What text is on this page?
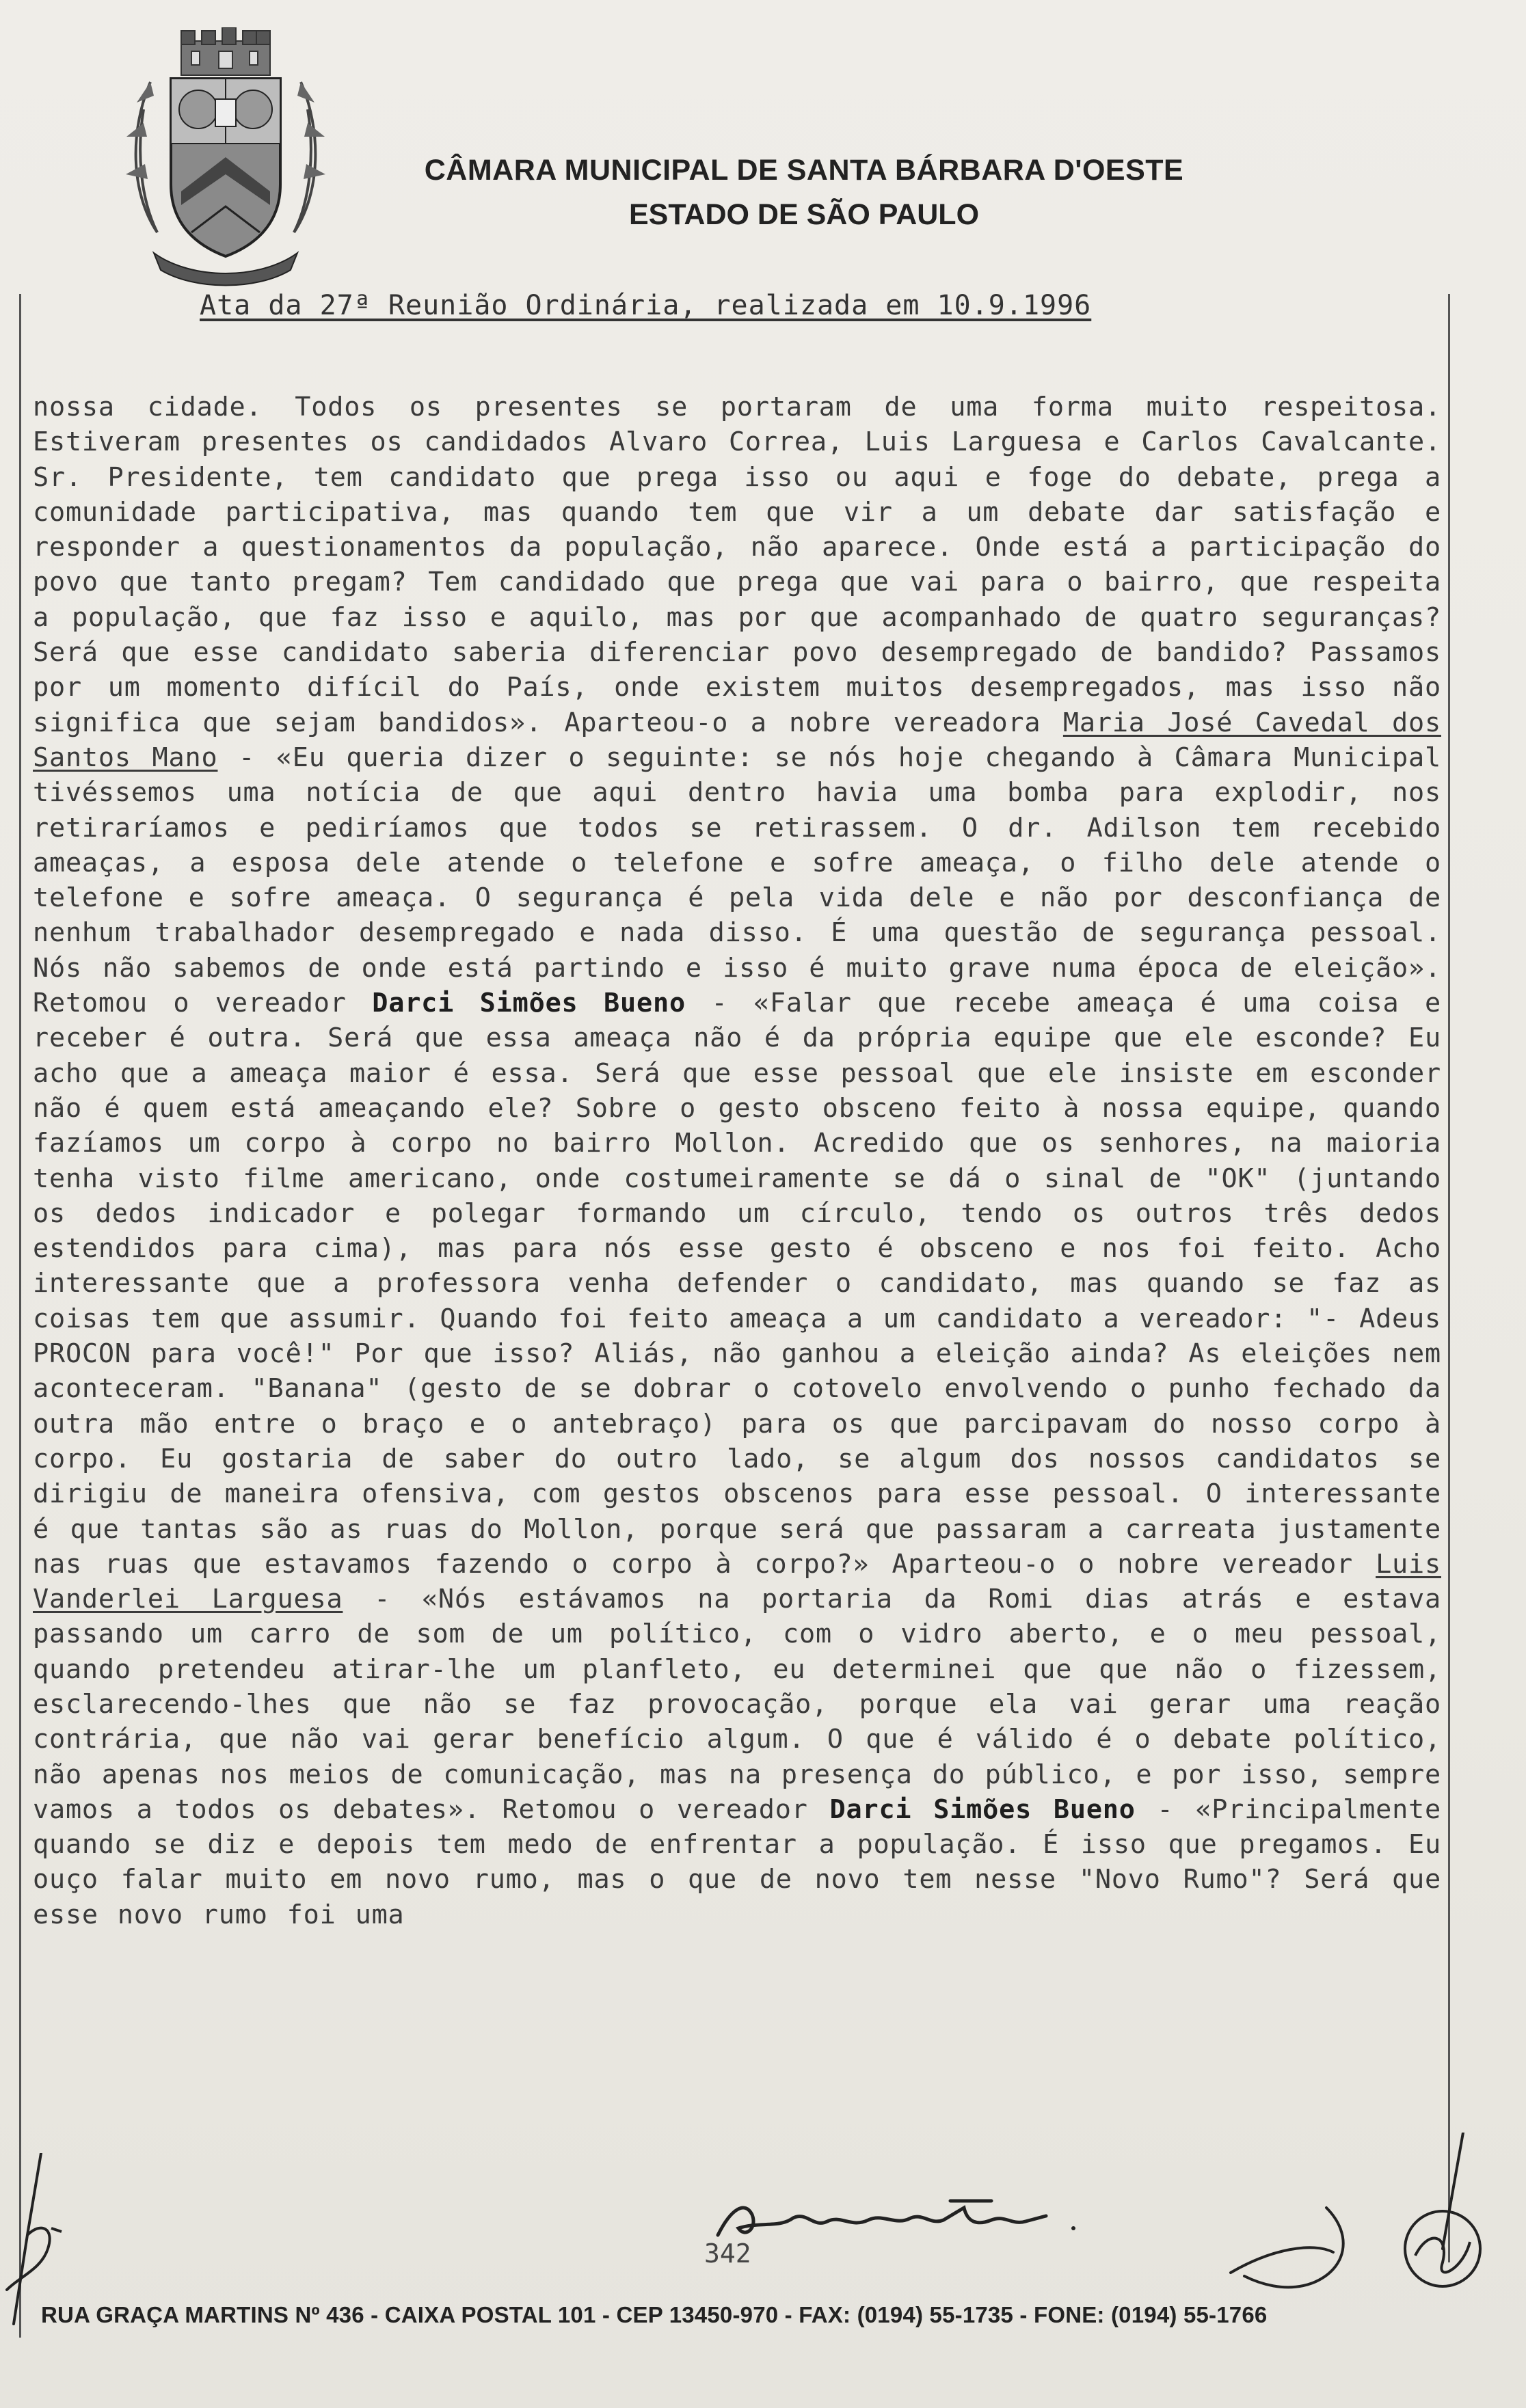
CÂMARA MUNICIPAL DE SANTA BÁRBARA D'OESTE
ESTADO DE SÃO PAULO
Ata da 27ª Reunião Ordinária, realizada em 10.9.1996
nossa cidade. Todos os presentes se portaram de uma forma muito respeitosa. Estiveram presentes os candidados Alvaro Correa, Luis Larguesa e Carlos Cavalcante. Sr. Presidente, tem candidato que prega isso ou aqui e foge do debate, prega a comunidade participativa, mas quando tem que vir a um debate dar satisfação e responder a questionamentos da população, não aparece. Onde está a participação do povo que tanto pregam? Tem candidado que prega que vai para o bairro, que respeita a população, que faz isso e aquilo, mas por que acompanhado de quatro seguranças? Será que esse candidato saberia diferenciar povo desempregado de bandido? Passamos por um momento difícil do País, onde existem muitos desempregados, mas isso não significa que sejam bandidos». Aparteou-o a nobre vereadora Maria José Cavedal dos Santos Mano - «Eu queria dizer o seguinte: se nós hoje chegando à Câmara Municipal tivéssemos uma notícia de que aqui dentro havia uma bomba para explodir, nos retiraríamos e pediríamos que todos se retirassem. O dr. Adilson tem recebido ameaças, a esposa dele atende o telefone e sofre ameaça, o filho dele atende o telefone e sofre ameaça. O segurança é pela vida dele e não por desconfiança de nenhum trabalhador desempregado e nada disso. É uma questão de segurança pessoal. Nós não sabemos de onde está partindo e isso é muito grave numa época de eleição». Retomou o vereador Darci Simões Bueno - «Falar que recebe ameaça é uma coisa e receber é outra. Será que essa ameaça não é da própria equipe que ele esconde? Eu acho que a ameaça maior é essa. Será que esse pessoal que ele insiste em esconder não é quem está ameaçando ele? Sobre o gesto obsceno feito à nossa equipe, quando fazíamos um corpo à corpo no bairro Mollon. Acredido que os senhores, na maioria tenha visto filme americano, onde costumeiramente se dá o sinal de "OK" (juntando os dedos indicador e polegar formando um círculo, tendo os outros três dedos estendidos para cima), mas para nós esse gesto é obsceno e nos foi feito. Acho interessante que a professora venha defender o candidato, mas quando se faz as coisas tem que assumir. Quando foi feito ameaça a um candidato a vereador: "- Adeus PROCON para você!" Por que isso? Aliás, não ganhou a eleição ainda? As eleições nem aconteceram. "Banana" (gesto de se dobrar o cotovelo envolvendo o punho fechado da outra mão entre o braço e o antebraço) para os que parcipavam do nosso corpo à corpo. Eu gostaria de saber do outro lado, se algum dos nossos candidatos se dirigiu de maneira ofensiva, com gestos obscenos para esse pessoal. O interessante é que tantas são as ruas do Mollon, porque será que passaram a carreata justamente nas ruas que estavamos fazendo o corpo à corpo?» Aparteou-o o nobre vereador Luis Vanderlei Larguesa - «Nós estávamos na portaria da Romi dias atrás e estava passando um carro de som de um político, com o vidro aberto, e o meu pessoal, quando pretendeu atirar-lhe um planfleto, eu determinei que que não o fizessem, esclarecendo-lhes que não se faz provocação, porque ela vai gerar uma reação contrária, que não vai gerar benefício algum. O que é válido é o debate político, não apenas nos meios de comunicação, mas na presença do público, e por isso, sempre vamos a todos os debates». Retomou o vereador Darci Simões Bueno - «Principalmente quando se diz e depois tem medo de enfrentar a população. É isso que pregamos. Eu ouço falar muito em novo rumo, mas o que de novo tem nesse "Novo Rumo"? Será que esse novo rumo foi uma
342
RUA GRAÇA MARTINS Nº 436 - CAIXA POSTAL 101 - CEP 13450-970 - FAX: (0194) 55-1735 - FONE: (0194) 55-1766
